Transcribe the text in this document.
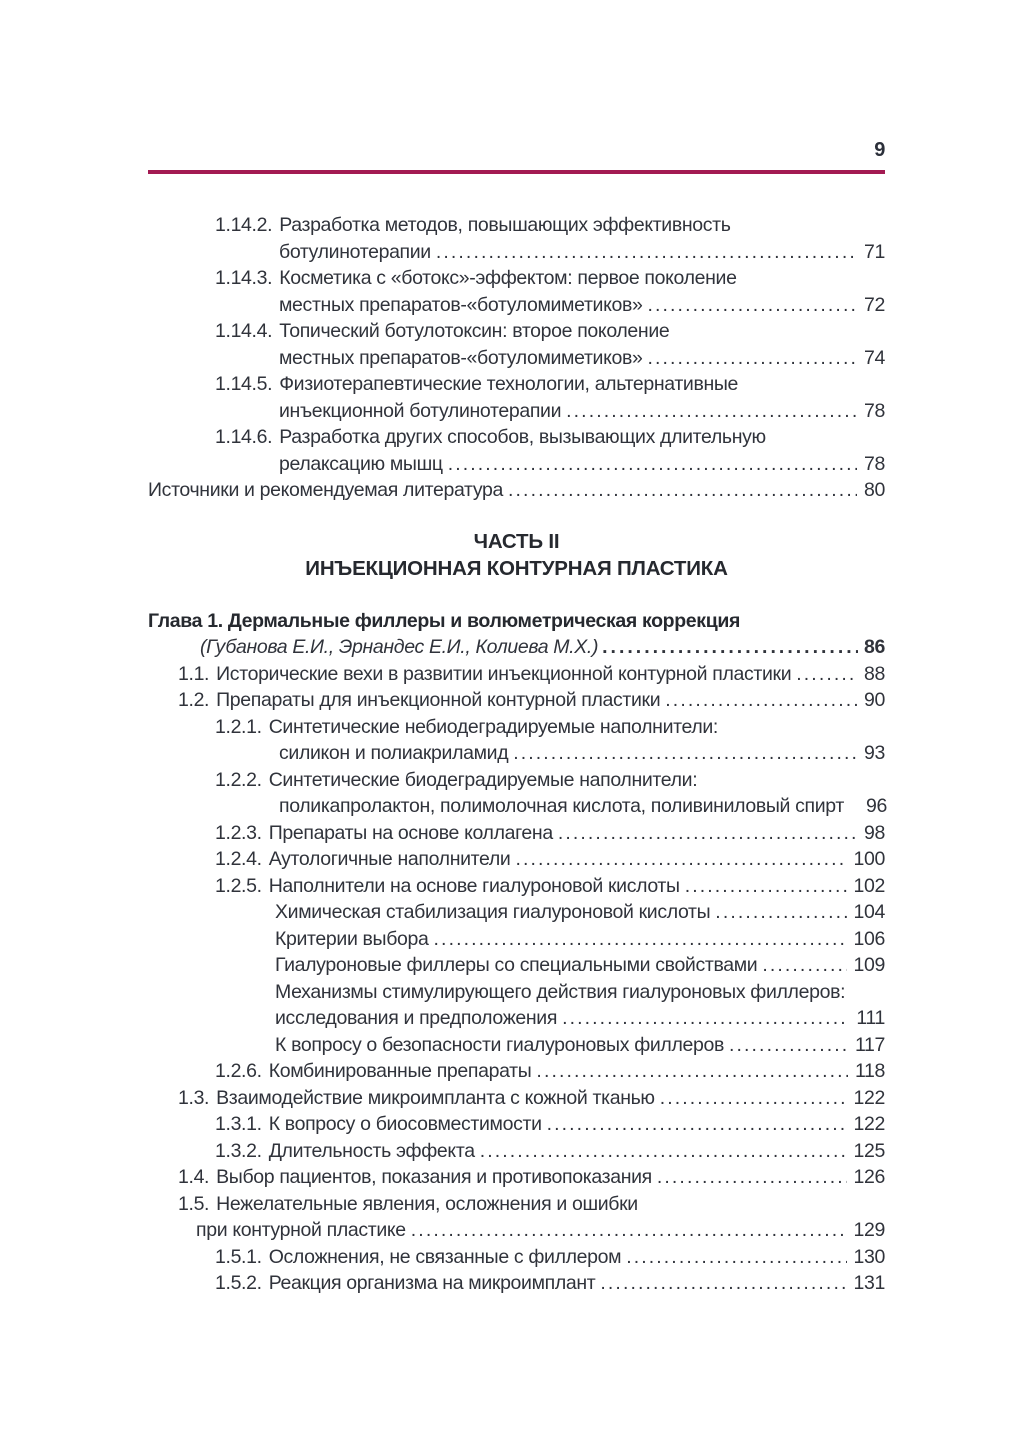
9
1.14.2. Разработка методов, повышающих эффективность
ботулинотерапии .....	71
1.14.3. Косметика с «ботокс»-эффектом: первое поколение
местных препаратов-«ботуломиметиков» .....	72
1.14.4. Топический ботулотоксин: второе поколение
местных препаратов-«ботуломиметиков» .....	74
1.14.5. Физиотерапевтические технологии, альтернативные
инъекционной ботулинотерапии .....	78
1.14.6. Разработка других способов, вызывающих длительную
релаксацию мышц .....	78
Источники и рекомендуемая литература .....	80
ЧАСТЬ II
ИНЪЕКЦИОННАЯ КОНТУРНАЯ ПЛАСТИКА
Глава 1. Дермальные филлеры и волюметрическая коррекция
(Губанова Е.И., Эрнандес Е.И., Колиева М.Х.) .....	86
1.1. Исторические вехи в развитии инъекционной контурной пластики .....	88
1.2. Препараты для инъекционной контурной пластики .....	90
1.2.1. Синтетические небиодеградируемые наполнители:
силикон и полиакриламид .....	93
1.2.2. Синтетические биодеградируемые наполнители:
поликапролактон, полимолочная кислота, поливиниловый спирт 96
1.2.3. Препараты на основе коллагена .....	98
1.2.4. Аутологичные наполнители .....	100
1.2.5. Наполнители на основе гиалуроновой кислоты .....	102
Химическая стабилизация гиалуроновой кислоты .....	104
Критерии выбора .....	106
Гиалуроновые филлеры со специальными свойствами .....	109
Механизмы стимулирующего действия гиалуроновых филлеров:
исследования и предположения .....	111
К вопросу о безопасности гиалуроновых филлеров .....	117
1.2.6. Комбинированные препараты .....	118
1.3. Взаимодействие микроимпланта с кожной тканью .....	122
1.3.1. К вопросу о биосовместимости .....	122
1.3.2. Длительность эффекта .....	125
1.4. Выбор пациентов, показания и противопоказания .....	126
1.5. Нежелательные явления, осложнения и ошибки
при контурной пластике .....	129
1.5.1. Осложнения, не связанные с филлером .....	130
1.5.2. Реакция организма на микроимплант .....	131
